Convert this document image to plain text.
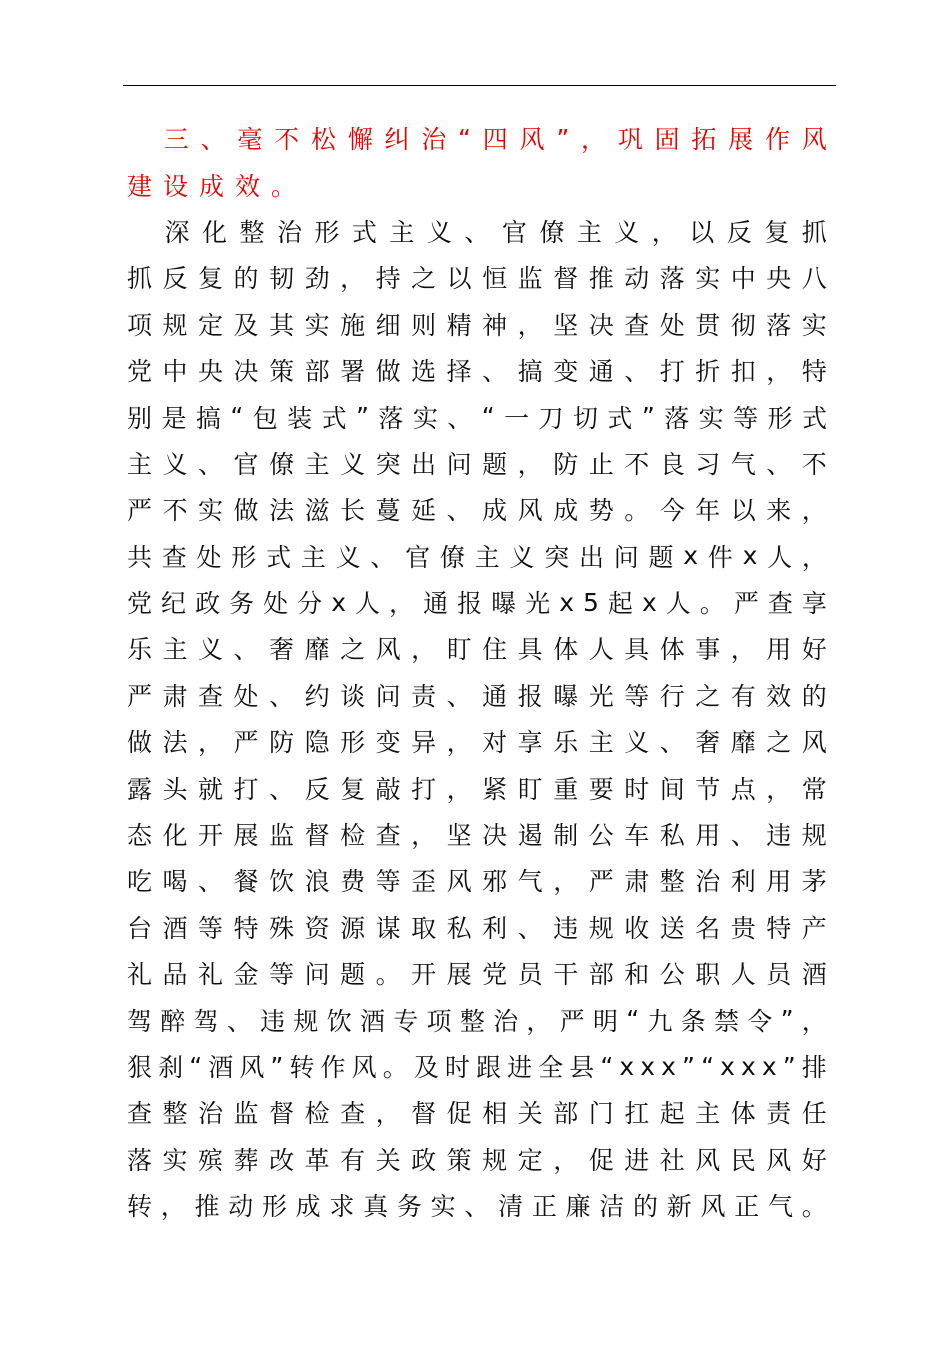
三 、 毫 不 松 懈 纠 治 “ 四 风 ” ， 巩 固 拓 展 作 风
建设成效。

深 化 整 治 形 式 主 义 、 官 僚 主 义 ， 以 反 复 抓
抓 反 复 的 韧 劲 ， 持 之 以 恒 监 督 推 动 落 实 中 央 八
项 规 定 及 其 实 施 细 则 精 神 ， 坚 决 查 处 贯 彻 落 实
党 中 央 决 策 部 署 做 选 择 、 搞 变 通 、 打 折 扣 ， 特
别 是 搞 “ 包 装 式 ” 落 实 、 “ 一 刀 切 式 ” 落 实 等 形 式
主 义 、 官 僚 主 义 突 出 问 题 ， 防 止 不 良 习 气 、 不
严 不 实 做 法 滋 长 蔓 延 、 成 风 成 势 。 今 年 以 来 ，
共 查 处 形 式 主 义 、 官 僚 主 义 突 出 问 题 x 件 x 人 ，
党 纪 政 务 处 分 x 人 ， 通 报 曝 光 x 5 起 x 人 。 严 查 享
乐 主 义 、 奢 靡 之 风 ， 盯 住 具 体 人 具 体 事 ， 用 好
严 肃 查 处 、 约 谈 问 责 、 通 报 曝 光 等 行 之 有 效 的
做 法 ， 严 防 隐 形 变 异 ， 对 享 乐 主 义 、 奢 靡 之 风
露 头 就 打 、 反 复 敲 打 ， 紧 盯 重 要 时 间 节 点 ， 常
态 化 开 展 监 督 检 查 ， 坚 决 遏 制 公 车 私 用 、 违 规
吃 喝 、 餐 饮 浪 费 等 歪 风 邪 气 ， 严 肃 整 治 利 用 茅
台 酒 等 特 殊 资 源 谋 取 私 利 、 违 规 收 送 名 贵 特 产
礼 品 礼 金 等 问 题 。 开 展 党 员 干 部 和 公 职 人 员 酒
驾 醉 驾 、 违 规 饮 酒 专 项 整 治 ， 严 明 “ 九 条 禁 令 ” ，
狠 刹 “ 酒 风 ” 转 作 风 。 及 时 跟 进 全 县 “ x x x ” “ x x x ” 排
查 整 治 监 督 检 查 ， 督 促 相 关 部 门 扛 起 主 体 责 任
落 实 殡 葬 改 革 有 关 政 策 规 定 ， 促 进 社 风 民 风 好
转 ， 推 动 形 成 求 真 务 实 、 清 正 廉 洁 的 新 风 正 气 。
